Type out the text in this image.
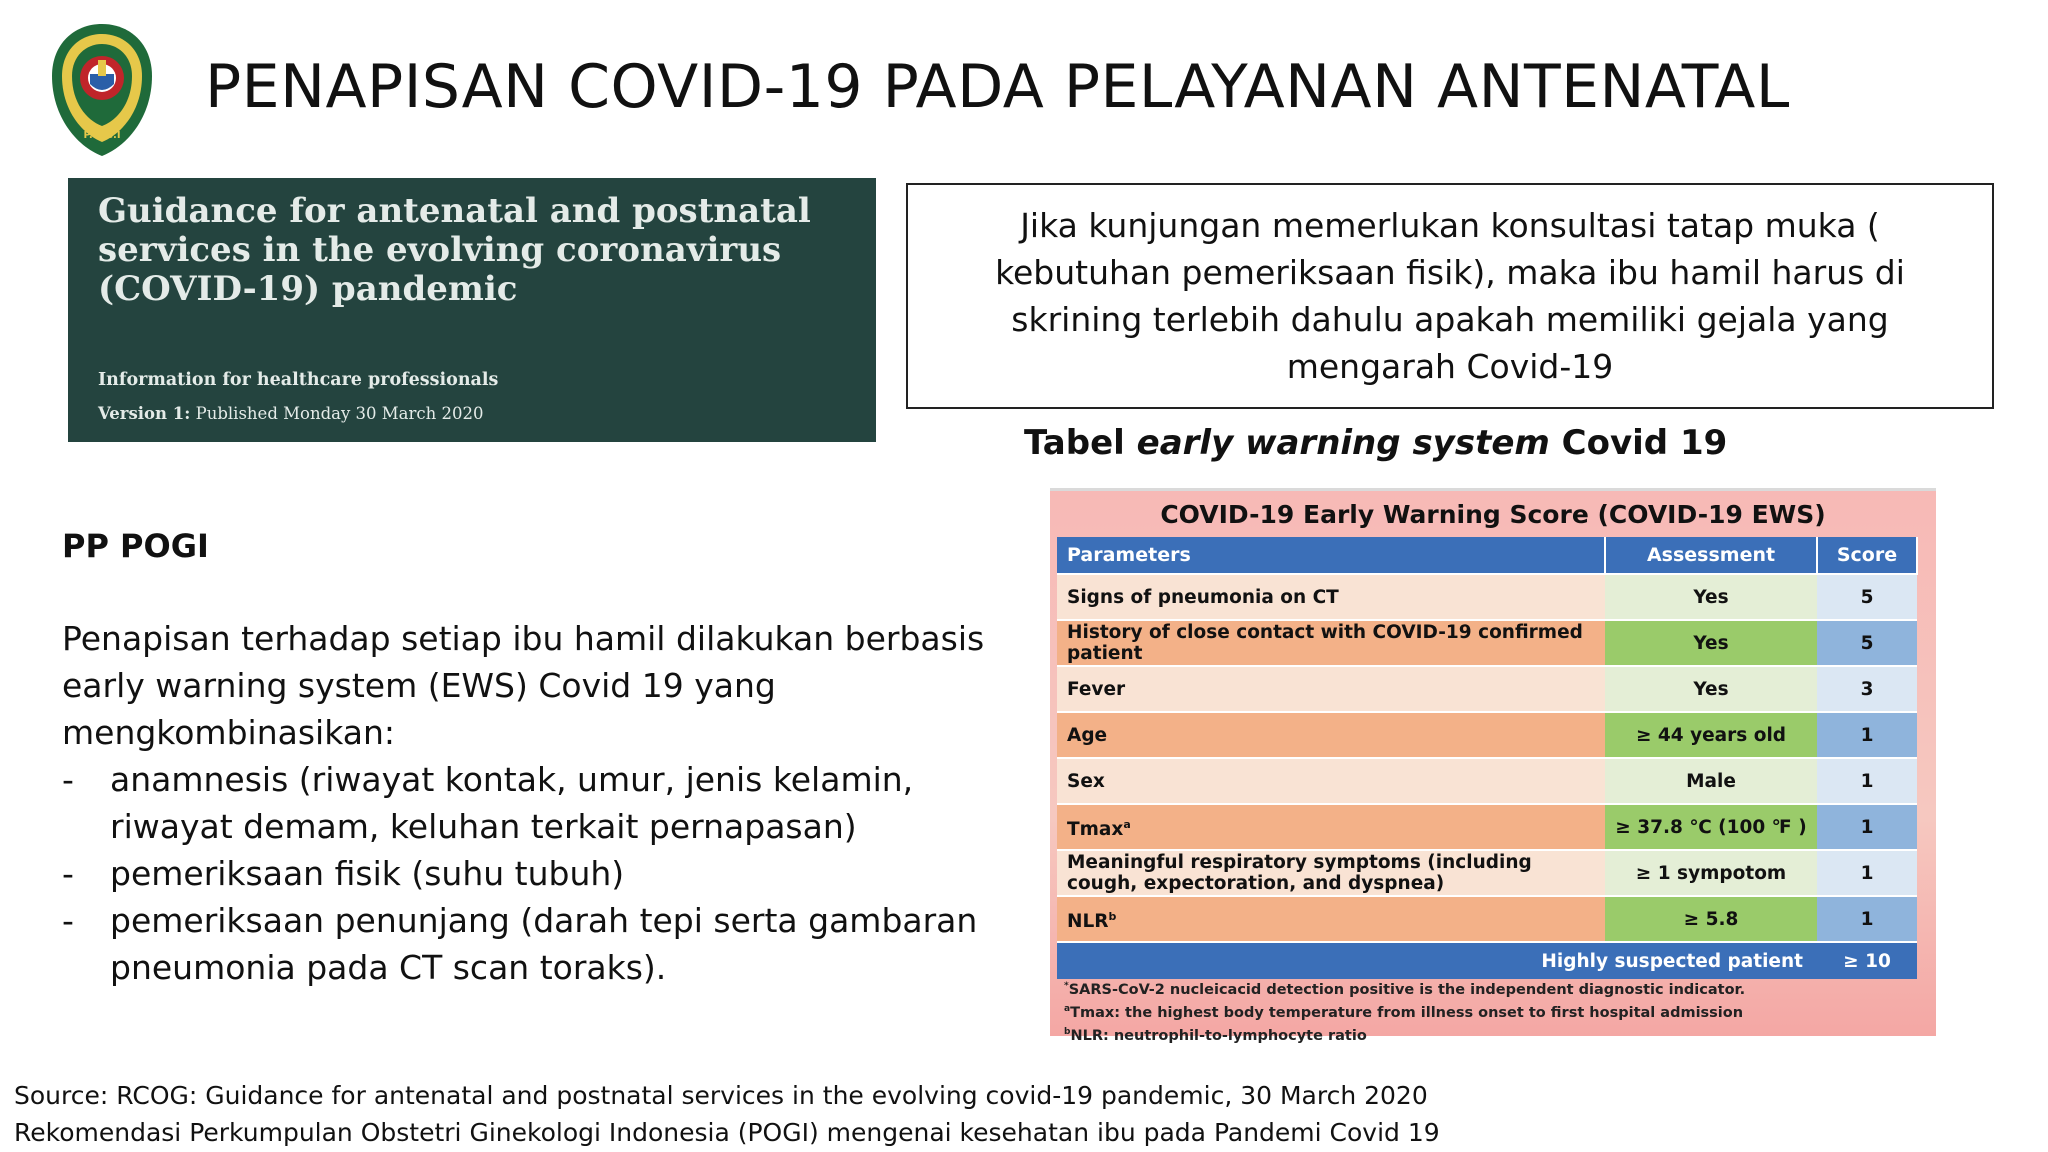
P.O.G.I
PENAPISAN COVID-19 PADA PELAYANAN ANTENATAL

Guidance for antenatal and postnatal services in the evolving coronavirus (COVID-19) pandemic

Information for healthcare professionals
Version 1: Published Monday 30 March 2020

Jika kunjungan memerlukan konsultasi tatap muka ( kebutuhan pemeriksaan fisik), maka ibu hamil harus di skrining terlebih dahulu apakah memiliki gejala yang mengarah Covid-19

PP POGI

Penapisan terhadap setiap ibu hamil dilakukan berbasis early warning system (EWS) Covid 19 yang mengkombinasikan:

- anamnesis (riwayat kontak, umur, jenis kelamin, riwayat demam, keluhan terkait pernapasan)
- pemeriksaan fisik (suhu tubuh)
- pemeriksaan penunjang (darah tepi serta gambaran pneumonia pada CT scan toraks).
Tabel early warning system Covid 19
COVID-19 Early Warning Score (COVID-19 EWS)
Parameters	Assessment	Score
Signs of pneumonia on CT	Yes	5
History of close contact with COVID-19 confirmed patient	Yes	5
Fever	Yes	3
Age	≥ 44 years old	1
Sex	Male	1
Tmax$^a$	≥ 37.8 ℃ (100 ℉ )	1
Meaningful respiratory symptoms (including cough, expectoration, and dyspnea)	≥ 1 sympotom	1
$NLR^b$	≥ 5.8	1
Highly suspected patient		≥ 10
*SARS-CoV-2 nucleicacid detection positive is the independent diagnostic indicator.
$^a$Tmax: the highest body temperature from illness onset to first hospital admission
$^b$NLR: neutrophil-to-lymphocyte ratio
Source: RCOG: Guidance for antenatal and postnatal services in the evolving covid-19 pandemic, 30 March 2020
Rekomendasi Perkumpulan Obstetri Ginekologi Indonesia (POGI) mengenai kesehatan ibu pada Pandemi Covid 19
